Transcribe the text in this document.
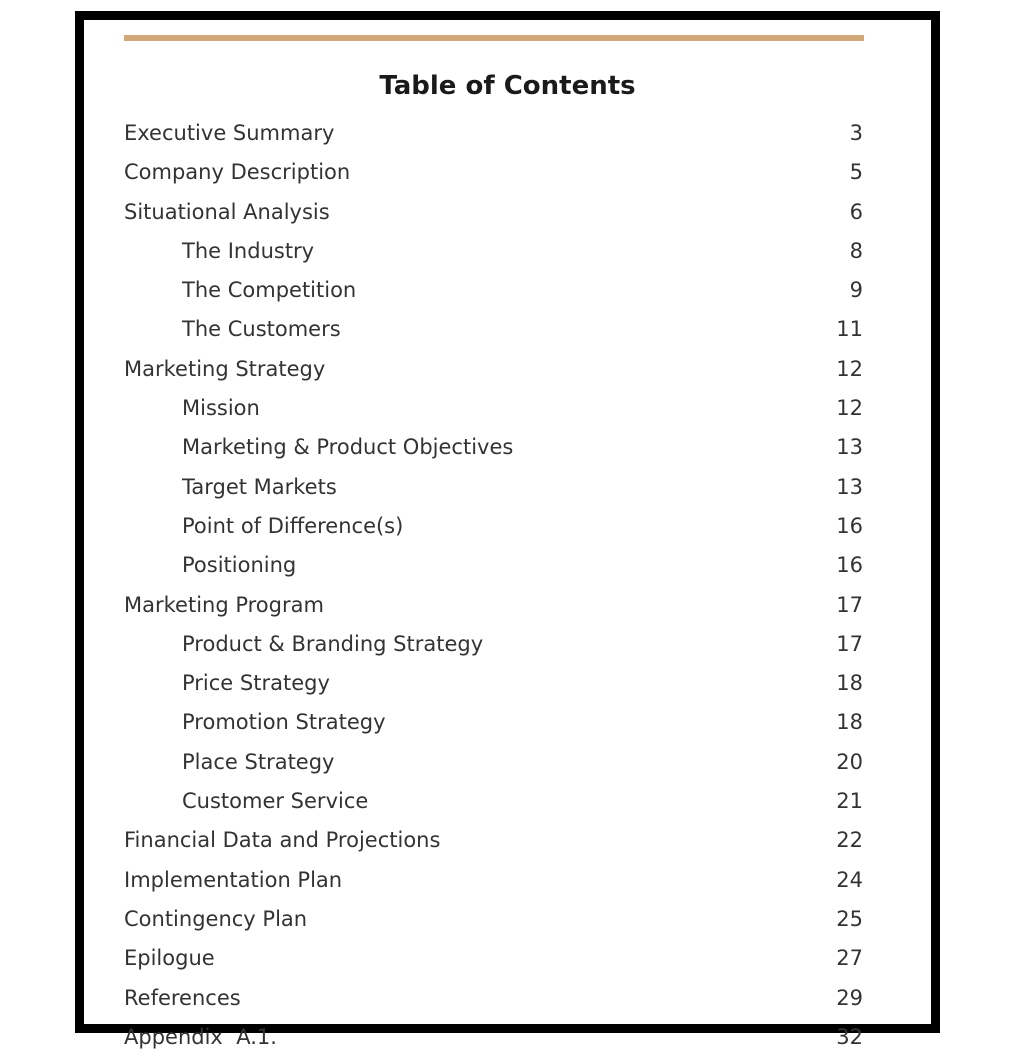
Table of Contents
Executive Summary	3
Company Description	5
Situational Analysis	6
The Industry	8
The Competition	9
The Customers	11
Marketing Strategy	12
Mission	12
Marketing & Product Objectives	13
Target Markets	13
Point of Difference(s)	16
Positioning	16
Marketing Program	17
Product & Branding Strategy	17
Price Strategy	18
Promotion Strategy	18
Place Strategy	20
Customer Service	21
Financial Data and Projections	22
Implementation Plan	24
Contingency Plan	25
Epilogue	27
References	29
Appendix  A.1.	32
